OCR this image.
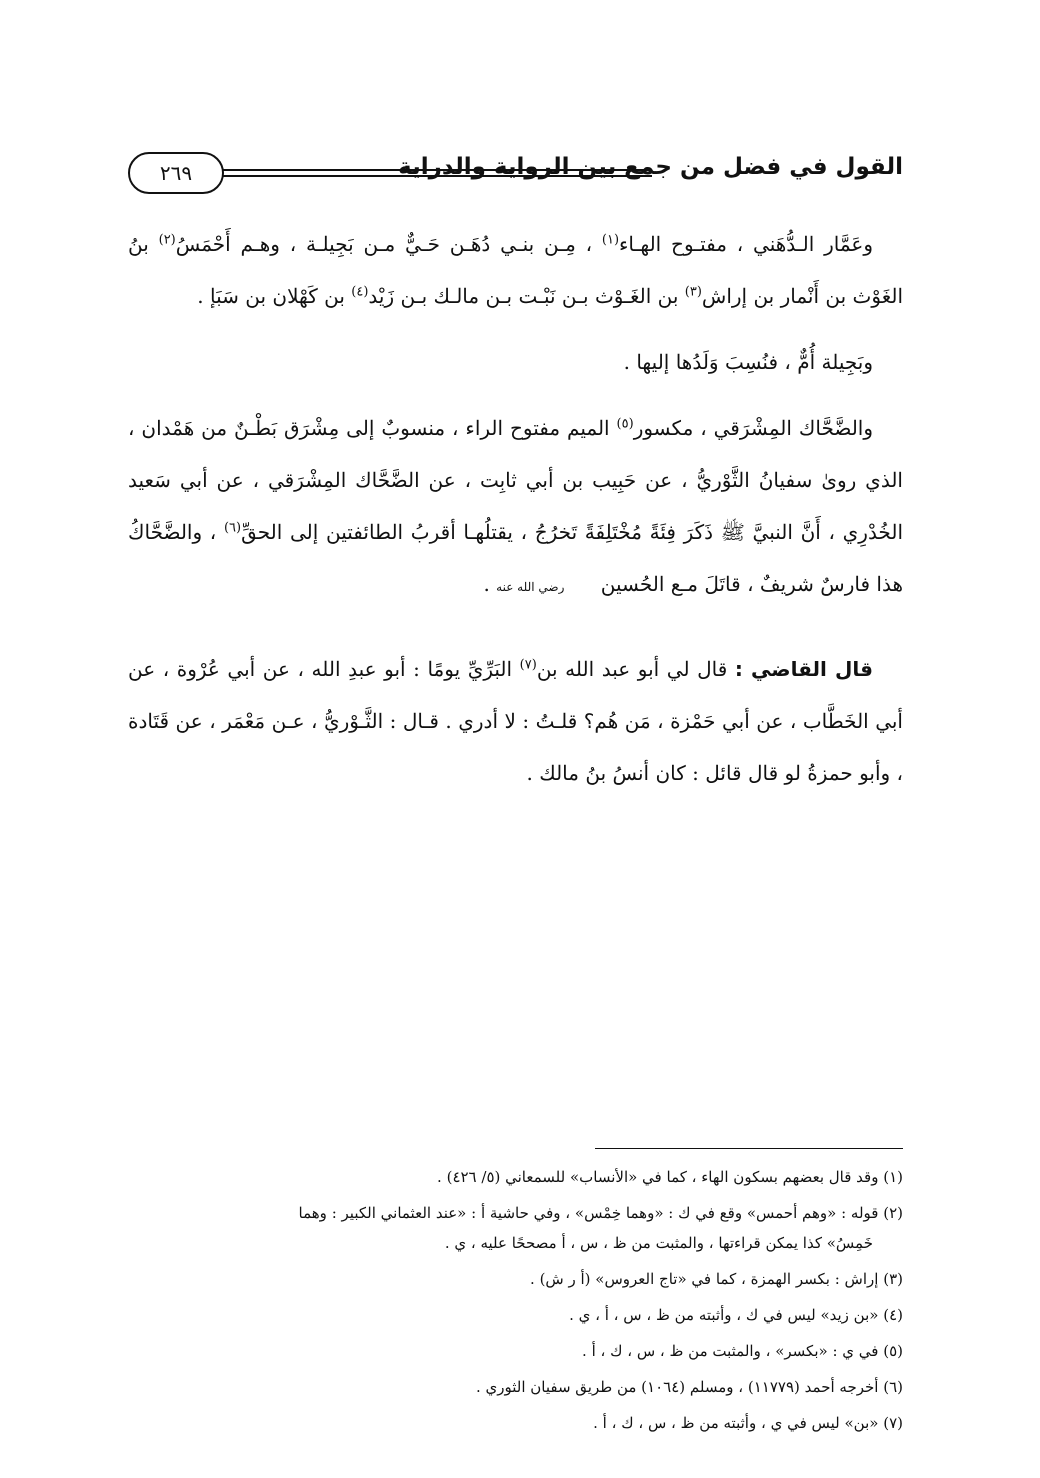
٢٦٩	القول في فضل من جمع بين الرواية والدراية

وعَمَّار الـدُّهَني ، مفتـوح الهـاء$^{(١)}$ ، مِـن بنـي دُهَـن حَـيٌّ مـن بَجِيلـة ، وهـم أَحْمَسُ$^{(٢)}$ بنُ الغَوْث بن أَنْمار بن إراش$^{(٣)}$ بن الغَـوْث بـن نَبْـت بـن مالـك بـن زَيْد$^{(٤)}$ بن كَهْلان بن سَبَإ .

وبَجِيلة أُمٌّ ، فنُسِبَ وَلَدُها إليها .

والضَّحَّاك المِشْرَقي ، مكسور$^{(٥)}$ الميم مفتوح الراء ، منسوبٌ إلى مِشْرَق بَطْـنٌ من هَمْدان ، الذي روىٰ سفيانُ الثَّوْريُّ ، عن حَبِيب بن أبي ثابِت ، عن الضَّحَّاك المِشْرَقي ، عن أبي سَعيد الخُدْرِي ، أَنَّ النبيَّ ﷺ ذَكَرَ فِئَةً مُخْتَلِفَةً تَخرُجُ ، يقتلُهـا أقربُ الطائفتين إلى الحقِّ$^{(٦)}$ ، والضَّحَّاكُ هذا فارسٌ شريفٌ ، قاتَلَ مـع الحُسين رضي الله عنه .

قال القاضي : قال لي أبو عبد الله بن$^{(٧)}$ البَرِّيِّ يومًا : أبو عبدِ الله ، عن أبي عُرْوة ، عن أبي الخَطَّاب ، عن أبي حَمْزة ، مَن هُم؟ قلـتُ : لا أدري . قـال : الثَّـوْريُّ ، عـن مَعْمَر ، عن قَتَادة ، وأبو حمزةُ لو قال قائل : كان أنسُ بنُ مالك .

(١) وقد قال بعضهم بسكون الهاء ، كما في «الأنساب» للسمعاني (٥/ ٤٢٦) .

(٢) قوله : «وهم أحمس» وقع في ك : «وهما خِمْس» ، وفي حاشية أ : «عند العثماني الكبير : وهما
خَمِسُ» كذا يمكن قراءتها ، والمثبت من ظ ، س ، أ مصححًا عليه ، ي .

(٣) إراش : بكسر الهمزة ، كما في «تاج العروس» (أ ر ش) .

(٤) «بن زيد» ليس في ك ، وأثبته من ظ ، س ، أ ، ي .

(٥) في ي : «بكسر» ، والمثبت من ظ ، س ، ك ، أ .

(٦) أخرجه أحمد (١١٧٧٩) ، ومسلم (١٠٦٤) من طريق سفيان الثوري .

(٧) «بن» ليس في ي ، وأثبته من ظ ، س ، ك ، أ .
